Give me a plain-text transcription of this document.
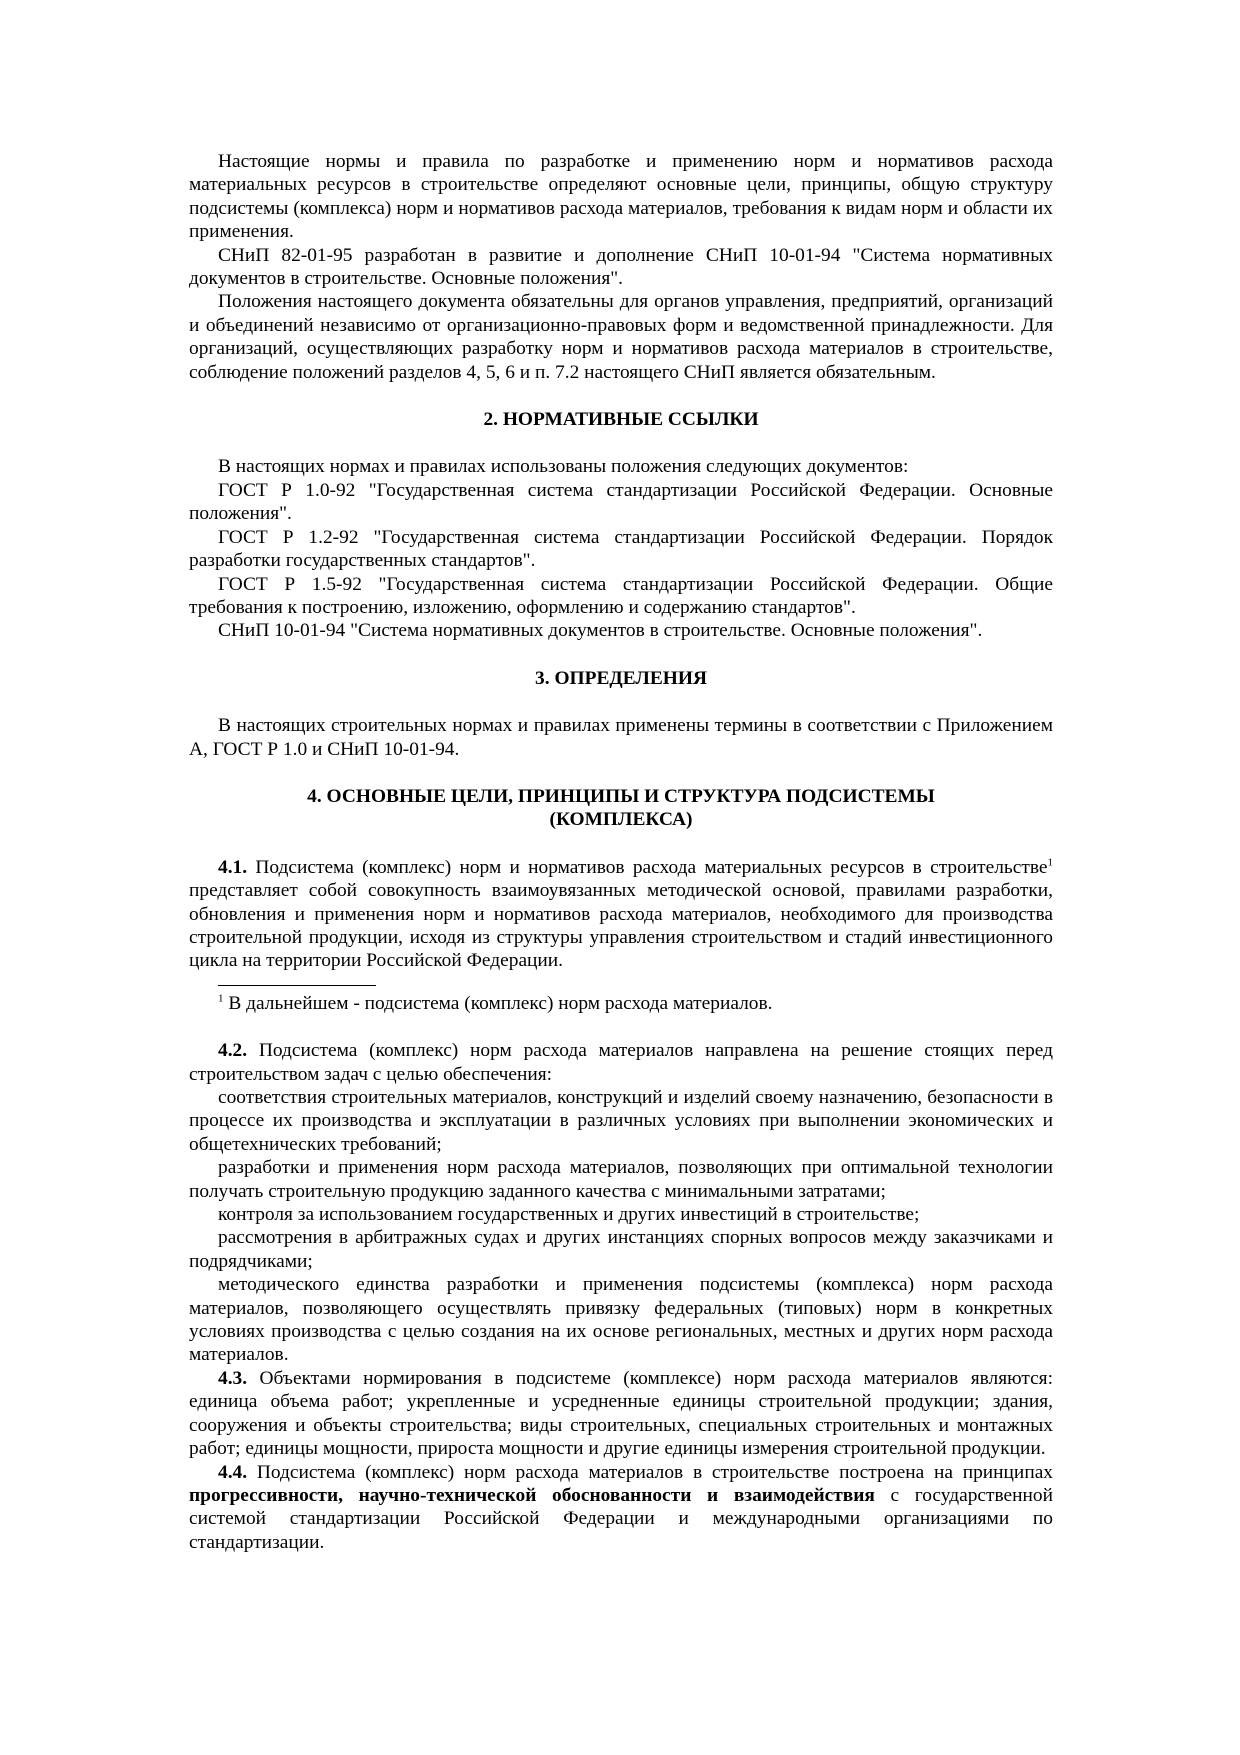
Настоящие нормы и правила по разработке и применению норм и нормативов расхода материальных ресурсов в строительстве определяют основные цели, принципы, общую структуру подсистемы (комплекса) норм и нормативов расхода материалов, требования к видам норм и области их применения.

СНиП 82-01-95 разработан в развитие и дополнение СНиП 10-01-94 "Система нормативных документов в строительстве. Основные положения".

Положения настоящего документа обязательны для органов управления, предприятий, организаций и объединений независимо от организационно-правовых форм и ведомственной принадлежности. Для организаций, осуществляющих разработку норм и нормативов расхода материалов в строительстве, соблюдение положений разделов 4, 5, 6 и п. 7.2 настоящего СНиП является обязательным.

2. НОРМАТИВНЫЕ ССЫЛКИ

В настоящих нормах и правилах использованы положения следующих документов:

ГОСТ Р 1.0-92 "Государственная система стандартизации Российской Федерации. Основные положения".

ГОСТ Р 1.2-92 "Государственная система стандартизации Российской Федерации. Порядок разработки государственных стандартов".

ГОСТ Р 1.5-92 "Государственная система стандартизации Российской Федерации. Общие требования к построению, изложению, оформлению и содержанию стандартов".

СНиП 10-01-94 "Система нормативных документов в строительстве. Основные положения".

3. ОПРЕДЕЛЕНИЯ

В настоящих строительных нормах и правилах применены термины в соответствии с Приложением А, ГОСТ Р 1.0 и СНиП 10-01-94.

4. ОСНОВНЫЕ ЦЕЛИ, ПРИНЦИПЫ И СТРУКТУРА ПОДСИСТЕМЫ
(КОМПЛЕКСА)

4.1. Подсистема (комплекс) норм и нормативов расхода материальных ресурсов в строительстве$^1$ представляет собой совокупность взаимоувязанных методической основой, правилами разработки, обновления и применения норм и нормативов расхода материалов, необходимого для производства строительной продукции, исходя из структуры управления строительством и стадий инвестиционного цикла на территории Российской Федерации.

$^1$ В дальнейшем - подсистема (комплекс) норм расхода материалов.

4.2. Подсистема (комплекс) норм расхода материалов направлена на решение стоящих перед строительством задач с целью обеспечения:

соответствия строительных материалов, конструкций и изделий своему назначению, безопасности в процессе их производства и эксплуатации в различных условиях при выполнении экономических и общетехнических требований;

разработки и применения норм расхода материалов, позволяющих при оптимальной технологии получать строительную продукцию заданного качества с минимальными затратами;

контроля за использованием государственных и других инвестиций в строительстве;

рассмотрения в арбитражных судах и других инстанциях спорных вопросов между заказчиками и подрядчиками;

методического единства разработки и применения подсистемы (комплекса) норм расхода материалов, позволяющего осуществлять привязку федеральных (типовых) норм в конкретных условиях производства с целью создания на их основе региональных, местных и других норм расхода материалов.

4.3. Объектами нормирования в подсистеме (комплексе) норм расхода материалов являются: единица объема работ; укрепленные и усредненные единицы строительной продукции; здания, сооружения и объекты строительства; виды строительных, специальных строительных и монтажных работ; единицы мощности, прироста мощности и другие единицы измерения строительной продукции.

4.4. Подсистема (комплекс) норм расхода материалов в строительстве построена на принципах прогрессивности, научно-технической обоснованности и взаимодействия с государственной системой стандартизации Российской Федерации и международными организациями по стандартизации.
